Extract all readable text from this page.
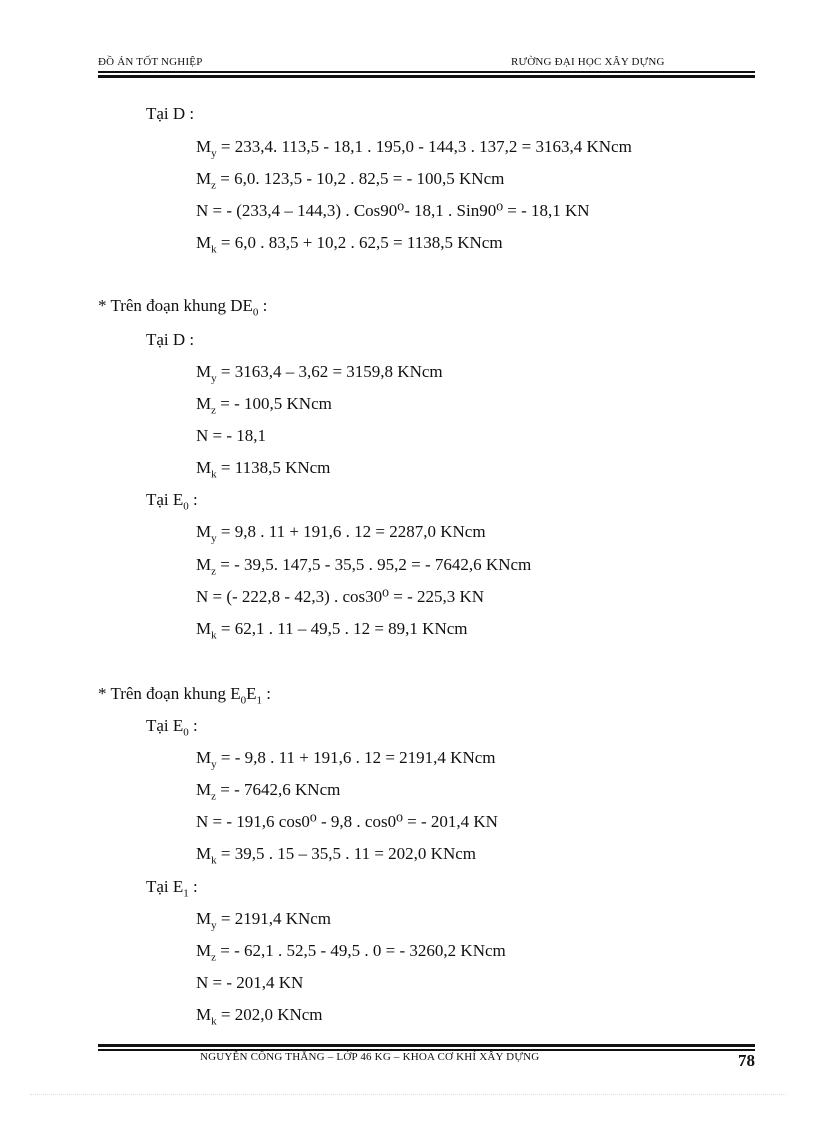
ĐỒ ÁN TỐT NGHIỆP	RƯỜNG ĐẠI HỌC XÂY DỰNG
Tại D :
$M_y = 233,4$. 113,5 - 18,1 . 195,0 - 144,3 . 137,2 = 3163,4 KNcm
$M_z = 6,0$. 123,5 - 10,2 . 82,5 = - 100,5 KNcm
N = - (233,4 – 144,3) . Cos90⁰- 18,1 . Sin90⁰ = - 18,1 KN
$M_k = 6,0$ . 83,5 + 10,2 . 62,5 = 1138,5 KNcm
* Trên đoạn khung $DE_0$ :
Tại D :
$M_y = 3163,4 - 3,62 = 3159,8$ KNcm
$M_z$ = - 100,5 KNcm
N = - 18,1
$M_k = 1138,5$ KNcm
Tại $E_0$ :
$M_y = 9,8$ . 11 + 191,6 . 12 = 2287,0 KNcm
$M_z$ = - 39,5. 147,5 - 35,5 . 95,2 = - 7642,6 KNcm
N = (- 222,8 - 42,3) . cos30⁰ = - 225,3 KN
$M_k = 62,1$ . 11 – 49,5 . 12 = 89,1 KNcm
* Trên đoạn khung $E_0E_1$ :
Tại $E_0$ :
$M_y$ = - 9,8 . 11 + 191,6 . 12 = 2191,4 KNcm
$M_z$ = - 7642,6 KNcm
N = - 191,6 cos0⁰ - 9,8 . cos0⁰ = - 201,4 KN
$M_k = 39,5$ . 15 – 35,5 . 11 = 202,0 KNcm
Tại $E_1$ :
$M_y = 2191,4$ KNcm
$M_z$ = - 62,1 . 52,5 - 49,5 . 0 = - 3260,2 KNcm
N = - 201,4 KN
$M_k = 202,0$ KNcm
NGUYỄN CÔNG THẮNG – LỚP 46 KG – KHOA CƠ KHÍ XÂY DỰNG	78
